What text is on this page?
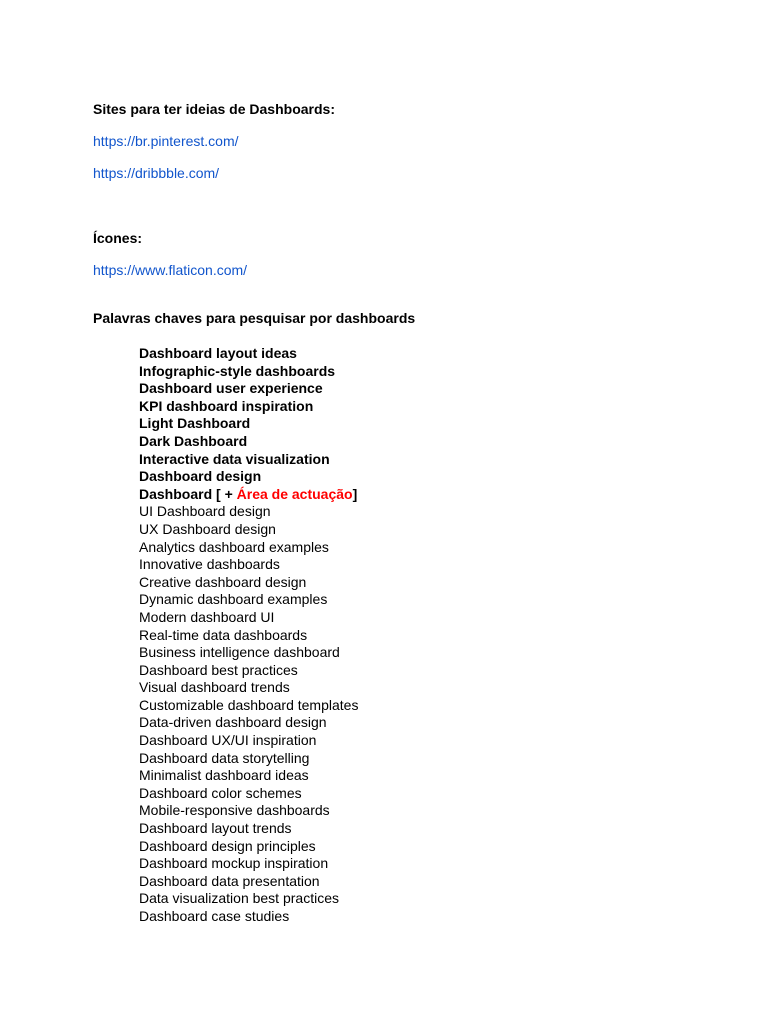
Sites para ter ideias de Dashboards:
https://br.pinterest.com/
https://dribbble.com/
Ícones:
https://www.flaticon.com/
Palavras chaves para pesquisar por dashboards
Dashboard layout ideas
Infographic-style dashboards
Dashboard user experience
KPI dashboard inspiration
Light Dashboard
Dark Dashboard
Interactive data visualization
Dashboard design
Dashboard [ + Área de actuação]
UI Dashboard design
UX Dashboard design
Analytics dashboard examples
Innovative dashboards
Creative dashboard design
Dynamic dashboard examples
Modern dashboard UI
Real-time data dashboards
Business intelligence dashboard
Dashboard best practices
Visual dashboard trends
Customizable dashboard templates
Data-driven dashboard design
Dashboard UX/UI inspiration
Dashboard data storytelling
Minimalist dashboard ideas
Dashboard color schemes
Mobile-responsive dashboards
Dashboard layout trends
Dashboard design principles
Dashboard mockup inspiration
Dashboard data presentation
Data visualization best practices
Dashboard case studies
